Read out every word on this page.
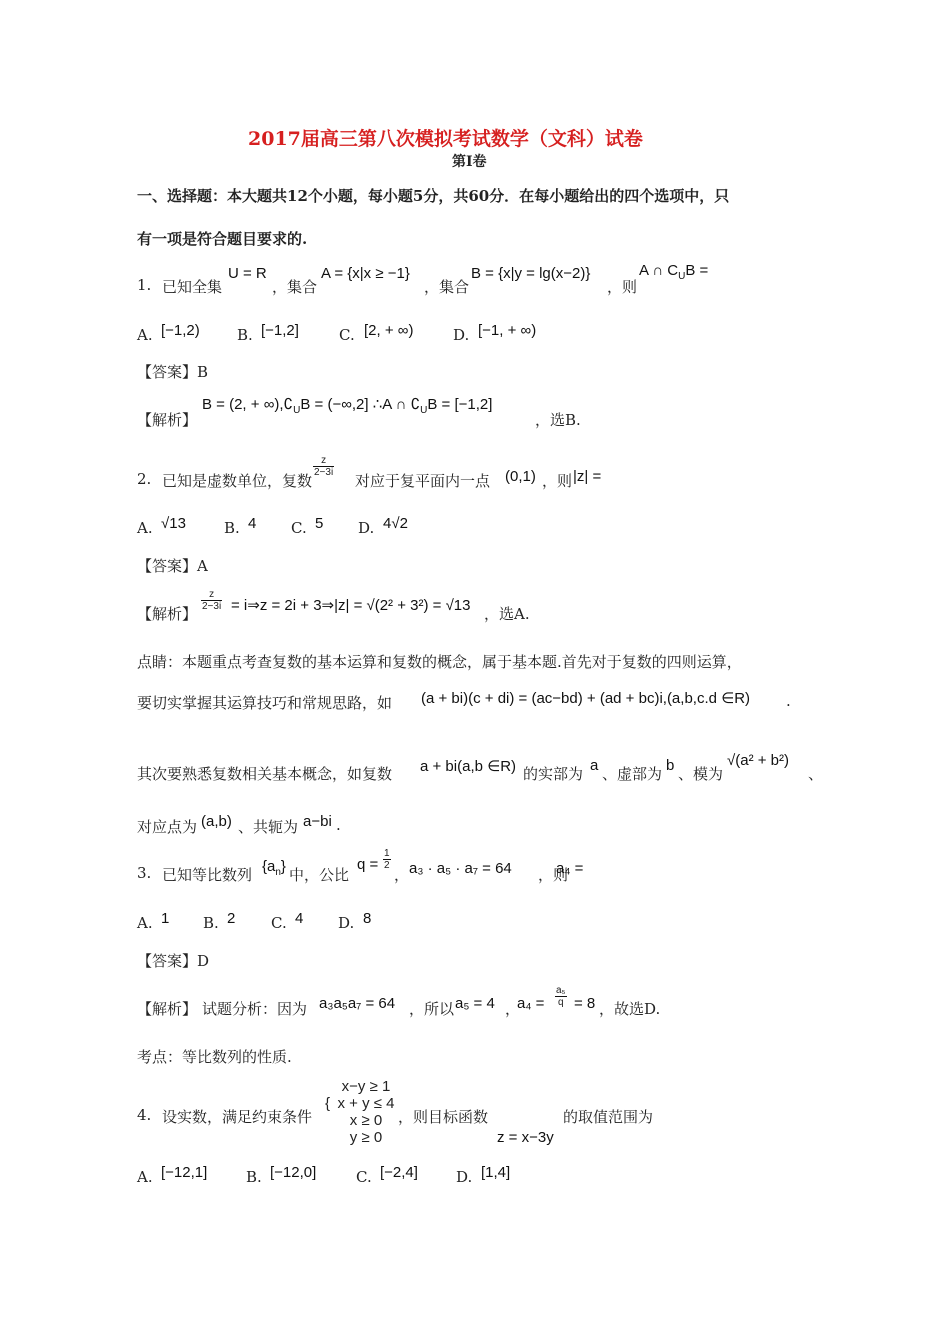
2017届高三第八次模拟考试数学（文科）试卷
第Ⅰ卷
一、选择题：本大题共12个小题，每小题5分，共60分．在每小题给出的四个选项中，只
有一项是符合题目要求的.
1. 已知全集
U = R
，集合
A = {x|x ≥ −1}
，集合
B = {x|y = lg(x−2)}
，则
A ∩ $C_UB$ =
A. [−1,2) B. [−1,2]	C. [2, + ∞)	D. [−1, + ∞)
【答案】B
【解析】
B = (2, + $\infty),∁_UB = (-\infty,2]$ ∴A ∩ $∁_UB = [-1,2]$
，选B.
2. 已知是虚数单位，复数
$\frac{z}{2-3i}$
对应于复平面内一点 (0,1) ，则 |z| =
A. √13	B. 4 C. 5 D. 4√2
【答案】A
【解析】
$\frac{z}{2-3i}$ = i⇒z = 2i + 3⇒|z| = √(2² + 3²) = √13 ，选A.
点睛：本题重点考查复数的基本运算和复数的概念，属于基本题.首先对于复数的四则运算，
要切实掌握其运算技巧和常规思路，如 (a + bi)(c + di) = (ac−bd) + (ad + bc)i,(a,b,c.d ∈R) .
其次要熟悉复数相关基本概念，如复数 a + bi(a,b ∈R) 的实部为 a 、虚部为 b 、模为
√(a² + b²)
、
对应点为 (a,b) 、共轭为 a−bi .
3. 已知等比数列 $\{a_n\}$ 中，公比
$q = \frac{1}{2}$
， a₃ · a₅ · a₇ = 64 ，则
a₄ =
A. 1 B. 2 C. 4 D. 8
【答案】D
【解析】 试题分析：因为 a₃a₅a₇ = 64 ，所以 a₅ = 4 ，
$a_4 = \frac{\text{a₅}}{q} = 8$ ，故选D.
考点：等比数列的性质.
4. 设实数，满足约束条件
{
x−y ≥ 1
x + y ≤ 4
x ≥ 0
y ≥ 0
，则目标函数	的取值范围为
z = x−3y
A. [−12,1]	B. [−12,0]	C. [−2,4]	D. [1,4]
